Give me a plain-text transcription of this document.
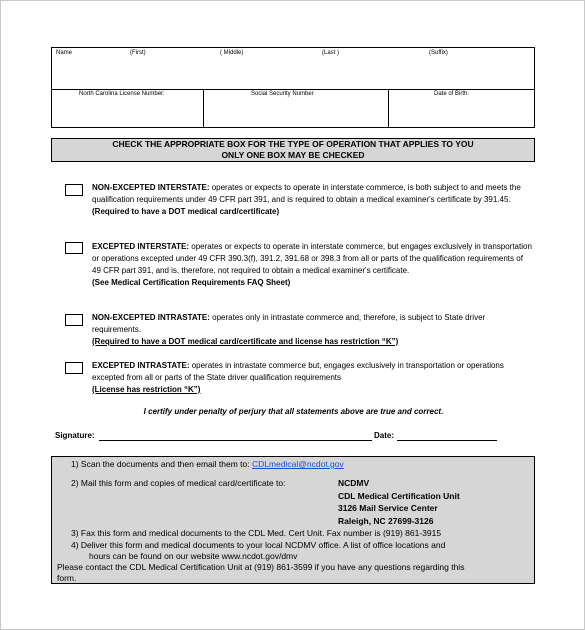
Name	(First)	( Middle)	(Last )	(Suffix)
North Carolina License Number:	Social Security Number	Date of Birth:
CHECK THE APPROPRIATE BOX FOR THE TYPE OF OPERATION THAT APPLIES TO YOU
ONLY ONE BOX MAY BE CHECKED
NON-EXCEPTED INTERSTATE: operates or expects to operate in interstate commerce, is both subject to and meets the qualification requirements under 49 CFR part 391, and is required to obtain a medical examiner's certificate by 391.45.
(Required to have a DOT medical card/certificate)
EXCEPTED INTERSTATE: operates or expects to operate in interstate commerce, but engages exclusively in transportation or operations excepted under 49 CFR 390.3(f), 391.2, 391.68 or 398.3 from all or parts of the qualification requirements of 49 CFR part 391, and is, therefore, not required to obtain a medical examiner's certificate.
(See Medical Certification Requirements FAQ Sheet)
NON-EXCEPTED INTRASTATE: operates only in intrastate commerce and, therefore, is subject to State driver requirements.
(Required to have a DOT medical card/certificate and license has restriction “K”)
EXCEPTED INTRASTATE: operates in intrastate commerce but, engages exclusively in transportation or operations excepted from all or parts of the State driver qualification requirements
(License has restriction “K”)
I certify under penalty of perjury that all statements above are true and correct.
Signature:	Date:
1) Scan the documents and then email them to: CDLmedical@ncdot.gov
2) Mail this form and copies of medical card/certificate to:	NCDMV
CDL Medical Certification Unit
3126 Mail Service Center
Raleigh, NC 27699-3126
3) Fax this form and medical documents to the CDL Med. Cert Unit. Fax number is (919) 861-3915
4) Deliver this form and medical documents to your local NCDMV office. A list of office locations and
hours can be found on our website www.ncdot.gov/dmv
Please contact the CDL Medical Certification Unit at (919) 861-3599 if you have any questions regarding this
form.
